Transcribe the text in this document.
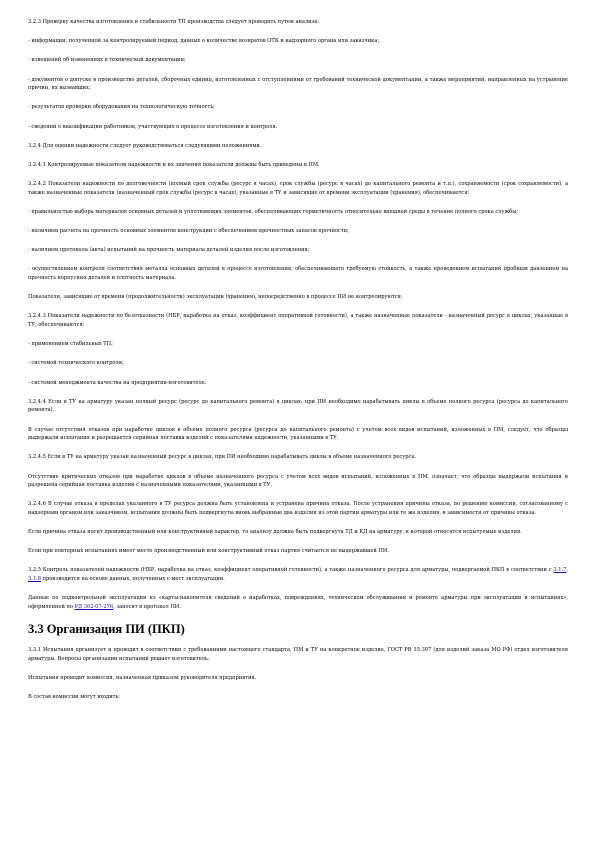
3.2.3 Проверку качества изготовления и стабильности ТП производства следует проводить путем анализа:

- информации, полученной за контролируемый период, данных о количестве возвратов ОТК и надзорного органа или заказчика;

- извещений об изменениях в технической документации;

- документов о допуске в производство деталей, сборочных единиц, изготовленных с отступлениями от требований технической документации, а также мероприятий, направленных на устранение причин, их вызвавших;

- результатов проверки оборудования на технологическую точность;

- сведений о квалификации работников, участвующих в процессе изготовления и контроля.

3.2.4 Для оценки надежности следует руководствоваться следующими положениями.

3.2.4.1 Контролируемые показатели надежности и их значения показатели должны быть приведены в ПМ.

3.2.4.2 Показатели надежности по долговечности (полный срок службы (ресурс в часах), срок службы (ресурс в часах) до капитального ремонта и т.п.), сохраняемости (срок сохраняемости), а также назначенные показатели (назначенный срок службы (ресурс в часах), указанные в ТУ и зависящие от времени эксплуатации (хранения), обеспечиваются:

- правильностью выбора материалов основных деталей и уплотняющих элементов, обеспечивающих герметичность относительно внешней среды в течение полного срока службы;

- наличием расчета на прочность основных элементов конструкции с обеспечением прочностных запасов прочности;

- наличием протокола (акта) испытаний на прочность материала деталей изделия после изготовления;

- осуществлением контроля соответствия металла основных деталей в процессе изготовления, обеспечивающего требуемую стойкость, а также проведением испытаний пробным давлением на прочность корпусных деталей и плотность материала.

Показатели, зависящие от времени (продолжительности) эксплуатации (хранения), непосредственно в процессе ПИ не контролируются.

3.2.4.3 Показатели надежности по безотказности (НБР, наработка на отказ, коэффициент оперативной готовности), а также назначенные показатели - назначенный ресурс в циклах, указанные в ТУ, обеспечиваются:

- применением стабильных ТП;

- системой технического контроля;

- системой менеджмента качества на предприятии-изготовителе.

3.2.4.4 Если в ТУ на арматуру указан полный ресурс (ресурс до капитального ремонта) в циклах, при ПИ необходимо нарабатывать циклы в объеме полного ресурса (ресурса до капитального ремонта).

В случае отсутствия отказов при наработке циклов в объеме полного ресурса (ресурса до капитального ремонта) с учетом всех видов испытаний, изложенных в ПМ, следует, что образцы выдержали испытания и разрешается серийная поставка изделий с показателями надежности, указанными в ТУ.

3.2.4.5 Если в ТУ на арматуру указан назначенный ресурс в циклах, при ПИ необходимо нарабатывать циклы в объеме назначенного ресурса.

Отсутствие критических отказов при наработке циклов в объеме назначенного ресурса с учетом всех видов испытаний, изложенных в ПМ, означает, что образцы выдержали испытания и разрешена серийная поставка изделий с назначенными показателями, указанными в ТУ.

3.2.4.6 В случае отказа в пределах указанного в ТУ ресурса должна быть установлена и устранена причина отказа. После устранения причины отказа, по решению комиссии, согласованному с надзорным органом или заказчиком, испытания должны быть подвергнуты вновь выбранные два изделия из этой партии арматуры или те же изделия, в зависимости от причины отказа.

Если причина отказа носит производственный или конструктивный характер, то анализу должна быть подвергнута ТД и КД на арматуру, к которой относятся испытуемые изделия.

Если при повторных испытаниях имеет место производственный или конструктивный отказ партия считается не выдержавшей ПИ.

3.2.5 Контроль показателей надежности (НБР, наработка на отказ, коэффициент оперативной готовности), а также назначенного ресурса для арматуры, подвергаемой ПКП в соответствии с 3.1.7, 3.1.8 производится на основе данных, полученных с мест эксплуатации.

Данные по подконтрольной эксплуатации из «карты-накопителя сведений о наработках, повреждениях, техническом обслуживании и ремонте арматуры при эксплуатации и испытаниях», оформленной по РД 302-07-276, заносят в протокол ПИ.

3.3 Организация ПИ (ПКП)

3.3.1 Испытания организует и проводит в соответствии с требованиями настоящего стандарта, ПМ и ТУ на конкретное изделие, ГОСТ РВ 15.307 (для изделий заказа МО РФ) отдел изготовителя арматуры. Вопросы организации испытаний решает изготовитель.

Испытания проводит комиссия, назначенная приказом руководителя предприятия.

В состав комиссии могут входить:
